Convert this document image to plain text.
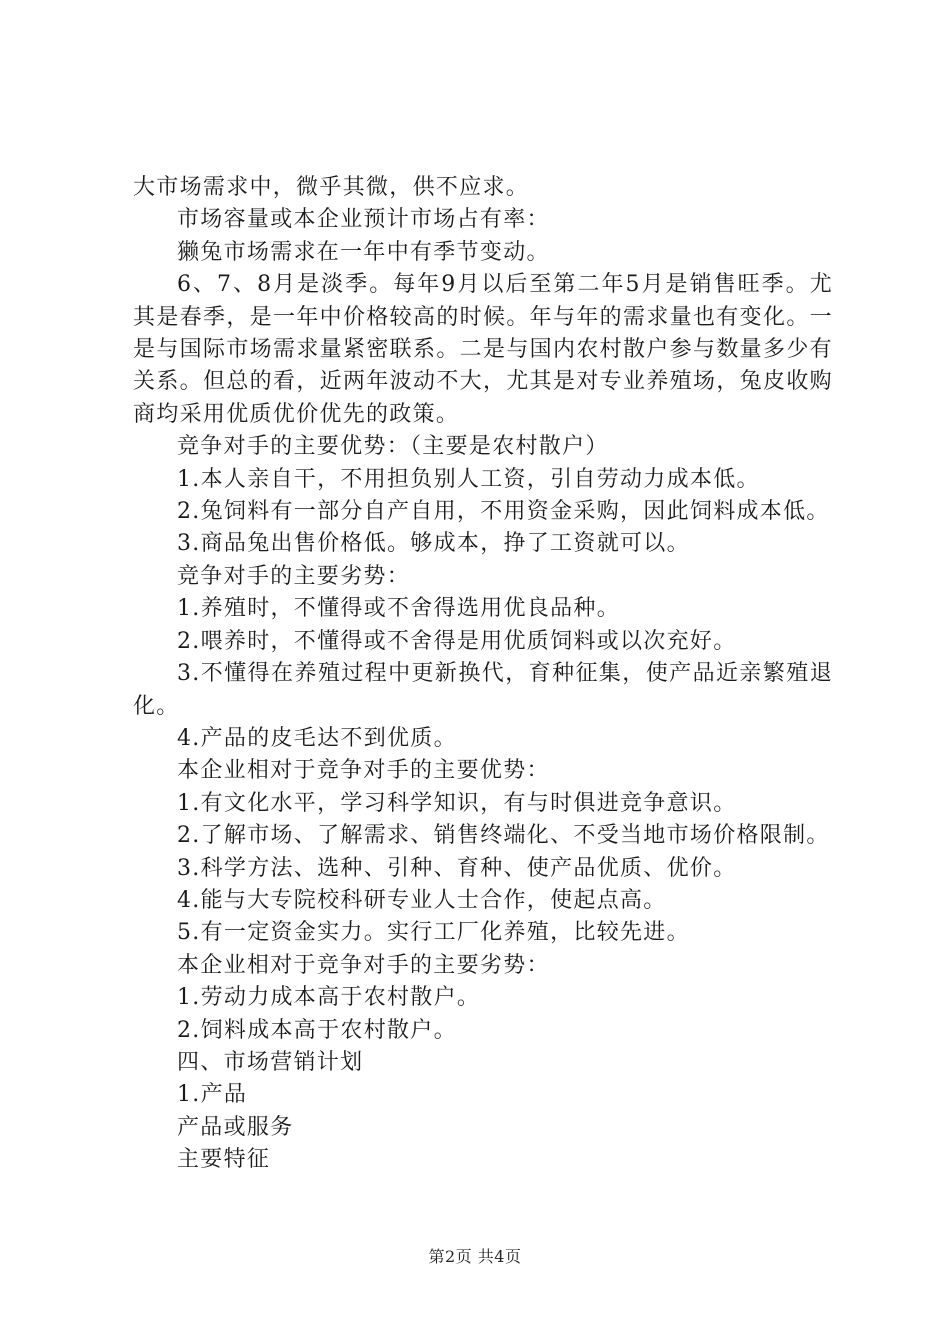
大市场需求中，微乎其微，供不应求。

市场容量或本企业预计市场占有率：

獭兔市场需求在一年中有季节变动。

6、7、8月是淡季。每年9月以后至第二年5月是销售旺季。尤其是春季，是一年中价格较高的时候。年与年的需求量也有变化。一是与国际市场需求量紧密联系。二是与国内农村散户参与数量多少有关系。但总的看，近两年波动不大，尤其是对专业养殖场，兔皮收购商均采用优质优价优先的政策。

竞争对手的主要优势：（主要是农村散户）

1.本人亲自干，不用担负别人工资，引自劳动力成本低。

2.兔饲料有一部分自产自用，不用资金采购，因此饲料成本低。

3.商品兔出售价格低。够成本，挣了工资就可以。

竞争对手的主要劣势：

1.养殖时，不懂得或不舍得选用优良品种。

2.喂养时，不懂得或不舍得是用优质饲料或以次充好。

3.不懂得在养殖过程中更新换代，育种征集，使产品近亲繁殖退化。

4.产品的皮毛达不到优质。

本企业相对于竞争对手的主要优势：

1.有文化水平，学习科学知识，有与时俱进竞争意识。

2.了解市场、了解需求、销售终端化、不受当地市场价格限制。

3.科学方法、选种、引种、育种、使产品优质、优价。

4.能与大专院校科研专业人士合作，使起点高。

5.有一定资金实力。实行工厂化养殖，比较先进。

本企业相对于竞争对手的主要劣势：

1.劳动力成本高于农村散户。

2.饲料成本高于农村散户。

四、市场营销计划

1.产品

产品或服务

主要特征

第2页 共4页
